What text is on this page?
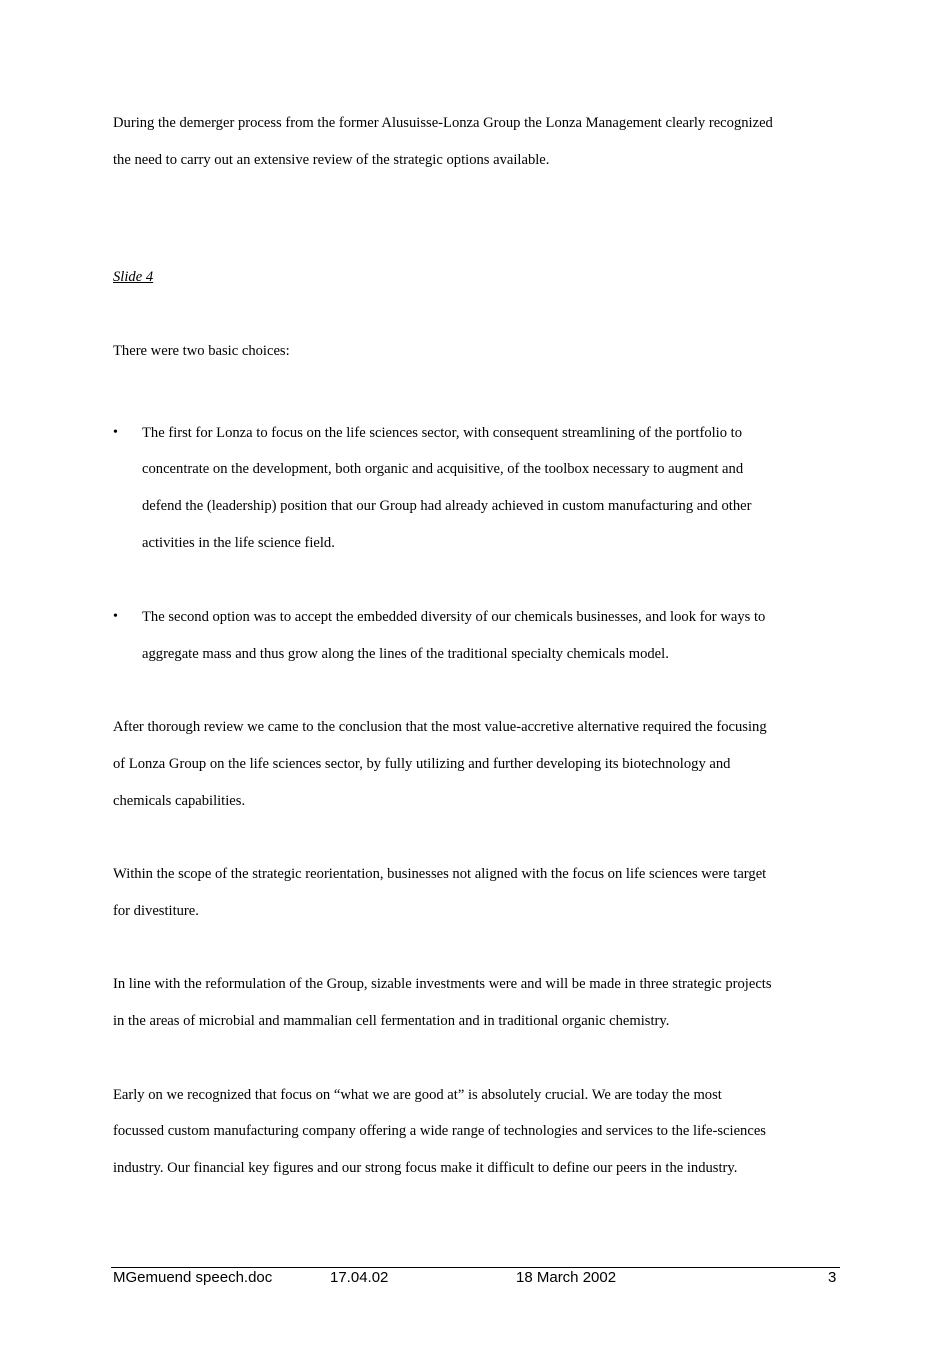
During the demerger process from the former Alusuisse-Lonza Group the Lonza Management clearly recognized
the need to carry out an extensive review of the strategic options available.
Slide 4
There were two basic choices:
• The first for Lonza to focus on the life sciences sector, with consequent streamlining of the portfolio to
concentrate on the development, both organic and acquisitive, of the toolbox necessary to augment and
defend the (leadership) position that our Group had already achieved in custom manufacturing and other
activities in the life science field.
• The second option was to accept the embedded diversity of our chemicals businesses, and look for ways to
aggregate mass and thus grow along the lines of the traditional specialty chemicals model.
After thorough review we came to the conclusion that the most value-accretive alternative required the focusing
of Lonza Group on the life sciences sector, by fully utilizing and further developing its biotechnology and
chemicals capabilities.
Within the scope of the strategic reorientation, businesses not aligned with the focus on life sciences were target
for divestiture.
In line with the reformulation of the Group, sizable investments were and will be made in three strategic projects
in the areas of microbial and mammalian cell fermentation and in traditional organic chemistry.
Early on we recognized that focus on “what we are good at” is absolutely crucial. We are today the most
focussed custom manufacturing company offering a wide range of technologies and services to the life-sciences
industry. Our financial key figures and our strong focus make it difficult to define our peers in the industry.
MGemuend speech.doc	17.04.02	18 March 2002	3
